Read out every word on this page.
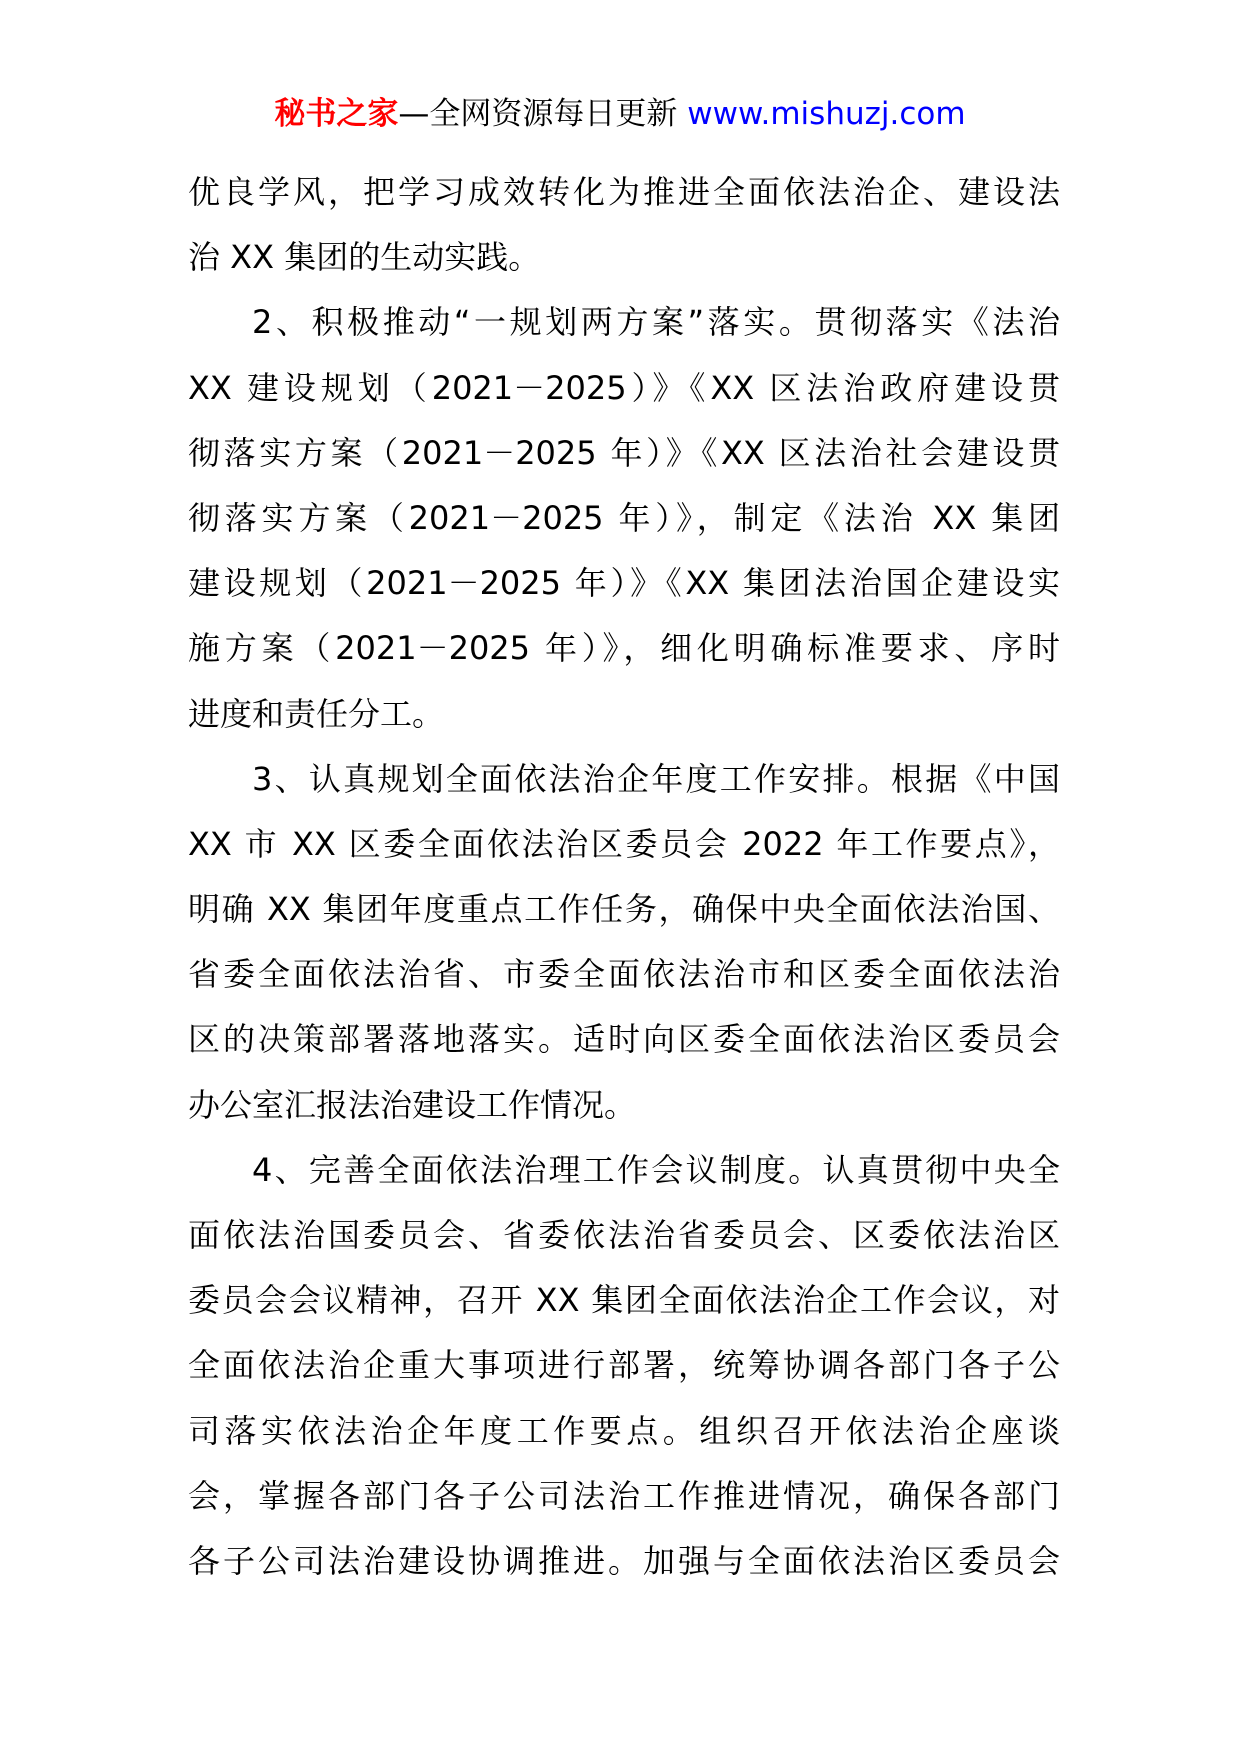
秘书之家—全网资源每日更新 www.mishuzj.com
优良学风，把学习成效转化为推进全面依法治企、建设法
治 XX 集团的生动实践。
2、积极推动“一规划两方案”落实。贯彻落实《法治
XX 建设规划（2021－2025）》《XX 区法治政府建设贯
彻落实方案（2021－2025 年）》《XX 区法治社会建设贯
彻落实方案（2021－2025 年）》，制定《法治 XX 集团
建设规划（2021－2025 年）》《XX 集团法治国企建设实
施方案（2021－2025 年）》，细化明确标准要求、序时
进度和责任分工。
3、认真规划全面依法治企年度工作安排。根据《中国
XX 市 XX 区委全面依法治区委员会 2022 年工作要点》，
明确 XX 集团年度重点工作任务，确保中央全面依法治国、
省委全面依法治省、市委全面依法治市和区委全面依法治
区的决策部署落地落实。适时向区委全面依法治区委员会
办公室汇报法治建设工作情况。
4、完善全面依法治理工作会议制度。认真贯彻中央全
面依法治国委员会、省委依法治省委员会、区委依法治区
委员会会议精神，召开 XX 集团全面依法治企工作会议，对
全面依法治企重大事项进行部署，统筹协调各部门各子公
司落实依法治企年度工作要点。组织召开依法治企座谈
会，掌握各部门各子公司法治工作推进情况，确保各部门
各子公司法治建设协调推进。加强与全面依法治区委员会
